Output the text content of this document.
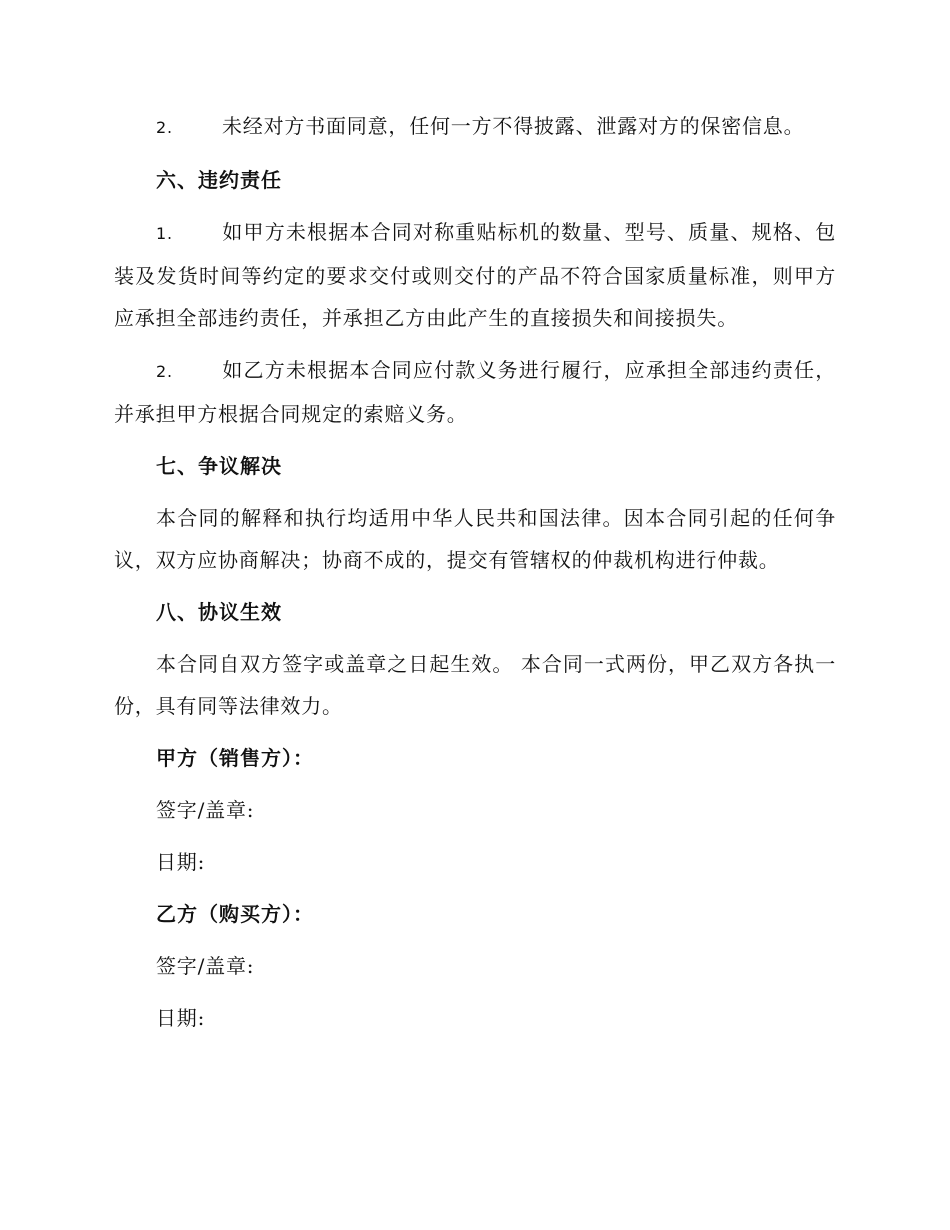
2. 未经对方书面同意，任何一方不得披露、泄露对方的保密信息。

六、违约责任

1. 如甲方未根据本合同对称重贴标机的数量、型号、质量、规格、包装及发货时间等约定的要求交付或则交付的产品不符合国家质量标准，则甲方应承担全部违约责任，并承担乙方由此产生的直接损失和间接损失。

2. 如乙方未根据本合同应付款义务进行履行，应承担全部违约责任，并承担甲方根据合同规定的索赔义务。

七、争议解决

本合同的解释和执行均适用中华人民共和国法律。因本合同引起的任何争议，双方应协商解决；协商不成的，提交有管辖权的仲裁机构进行仲裁。

八、协议生效

本合同自双方签字或盖章之日起生效。 本合同一式两份，甲乙双方各执一份，具有同等法律效力。

甲方（销售方）：

签字/盖章:

日期:

乙方（购买方）：

签字/盖章:

日期:
